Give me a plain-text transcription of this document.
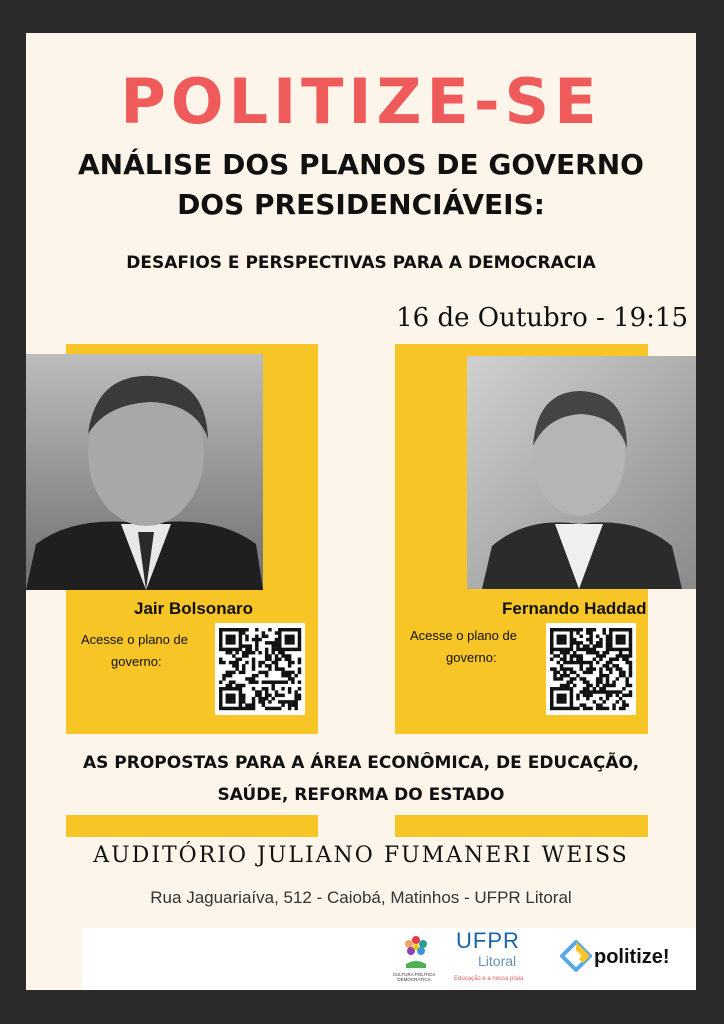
POLITIZE-SE
ANÁLISE DOS PLANOS DE GOVERNO
DOS PRESIDENCIÁVEIS:
DESAFIOS E PERSPECTIVAS PARA A DEMOCRACIA
16 de Outubro - 19:15
Jair Bolsonaro
Acesse o plano de
governo:
Fernando Haddad
Acesse o plano de
governo:
AS PROPOSTAS PARA A ÁREA ECONÔMICA, DE EDUCAÇÃO,
SAÚDE, REFORMA DO ESTADO
AUDITÓRIO JULIANO FUMANERI WEISS
Rua Jaguariaíva, 512 - Caiobá, Matinhos - UFPR Litoral
CULTURA POLÍTICA DEMOCRÁTICA
UFPR
Litoral
Educação e a nossa praia
politize!
